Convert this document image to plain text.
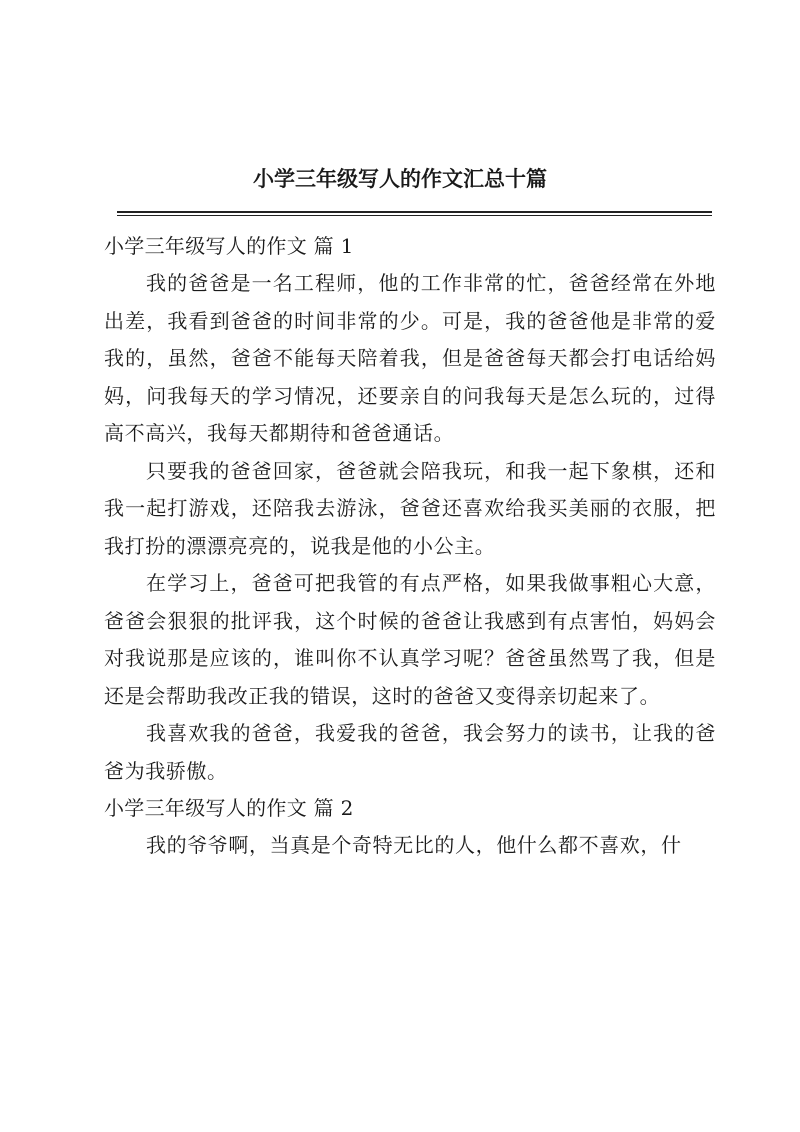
小学三年级写人的作文汇总十篇
小学三年级写人的作文 篇 1

我的爸爸是一名工程师，他的工作非常的忙，爸爸经常在外地出差，我看到爸爸的时间非常的少。可是，我的爸爸他是非常的爱我的，虽然，爸爸不能每天陪着我，但是爸爸每天都会打电话给妈妈，问我每天的学习情况，还要亲自的问我每天是怎么玩的，过得高不高兴，我每天都期待和爸爸通话。

只要我的爸爸回家，爸爸就会陪我玩，和我一起下象棋，还和我一起打游戏，还陪我去游泳，爸爸还喜欢给我买美丽的衣服，把我打扮的漂漂亮亮的，说我是他的小公主。

在学习上，爸爸可把我管的有点严格，如果我做事粗心大意，爸爸会狠狠的批评我，这个时候的爸爸让我感到有点害怕，妈妈会对我说那是应该的，谁叫你不认真学习呢？爸爸虽然骂了我，但是还是会帮助我改正我的错误，这时的爸爸又变得亲切起来了。

我喜欢我的爸爸，我爱我的爸爸，我会努力的读书，让我的爸爸为我骄傲。

小学三年级写人的作文 篇 2

我的爷爷啊，当真是个奇特无比的人，他什么都不喜欢，什
